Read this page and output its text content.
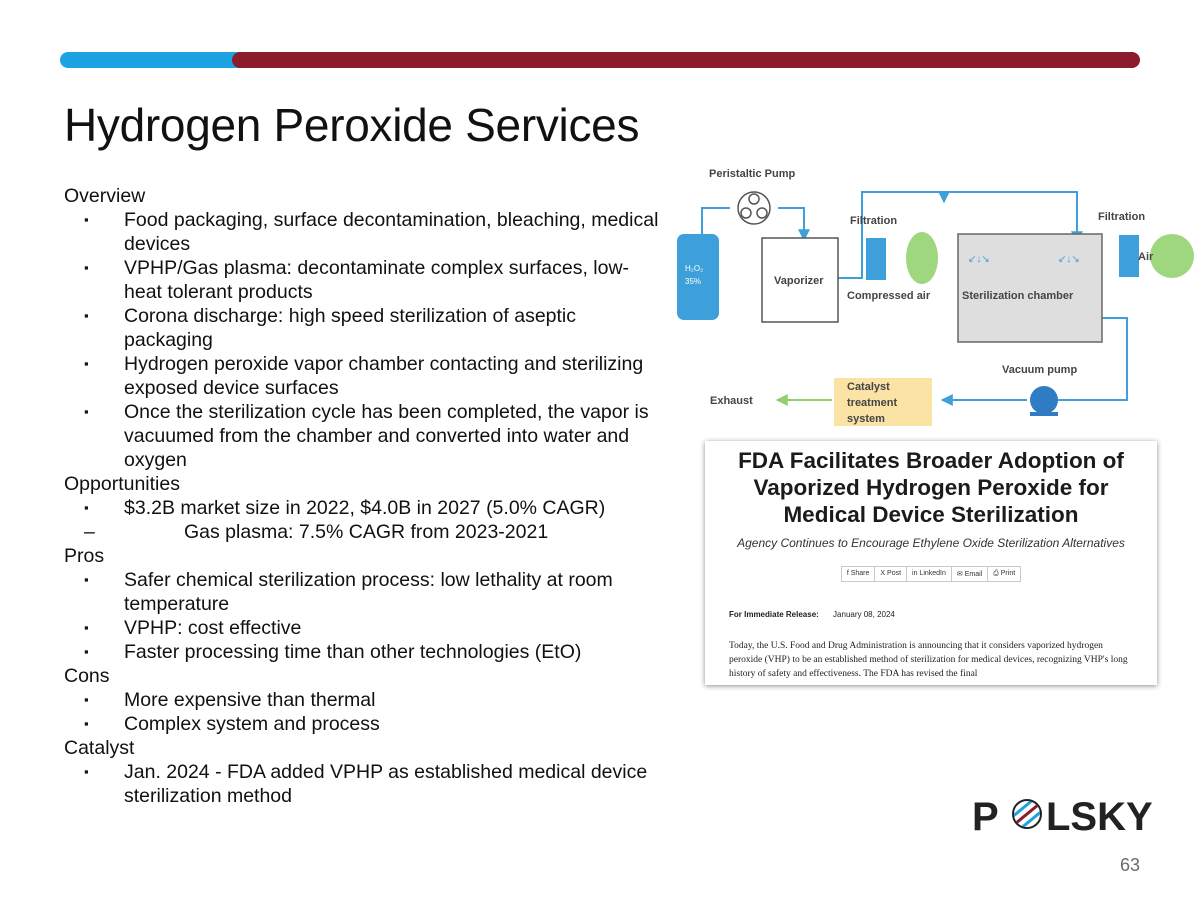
Hydrogen Peroxide Services
Overview
▪ Food packaging, surface decontamination, bleaching, medical devices
▪ VPHP/Gas plasma: decontaminate complex surfaces, low-heat tolerant products
▪ Corona discharge: high speed sterilization of aseptic packaging
▪ Hydrogen peroxide vapor chamber contacting and sterilizing exposed device surfaces
▪ Once the sterilization cycle has been completed, the vapor is vacuumed from the chamber and converted into water and oxygen
Opportunities
▪ $3.2B market size in 2022, $4.0B in 2027 (5.0% CAGR)
– Gas plasma: 7.5% CAGR from 2023-2021
Pros
▪ Safer chemical sterilization process: low lethality at room temperature
▪ VPHP: cost effective
▪ Faster processing time than other technologies (EtO)
Cons
▪ More expensive than thermal
▪ Complex system and process
Catalyst
▪ Jan. 2024 - FDA added VPHP as established medical device sterilization method
H₂O₂
35%
Peristaltic Pump
Vaporizer
Filtration
Compressed air
↙↓↘	↙↓↘
Sterilization chamber
Filtration
Air
Vacuum pump
Catalyst
treatment
system
Exhaust
FDA Facilitates Broader Adoption of Vaporized Hydrogen Peroxide for Medical Device Sterilization
Agency Continues to Encourage Ethylene Oxide Sterilization Alternatives
f Share	X Post	in LinkedIn	✉ Email	⎙ Print
For Immediate Release: January 08, 2024
Today, the U.S. Food and Drug Administration is announcing that it considers vaporized hydrogen peroxide (VHP) to be an established method of sterilization for medical devices, recognizing VHP's long history of safety and effectiveness. The FDA has revised the final
P LSKY
63
